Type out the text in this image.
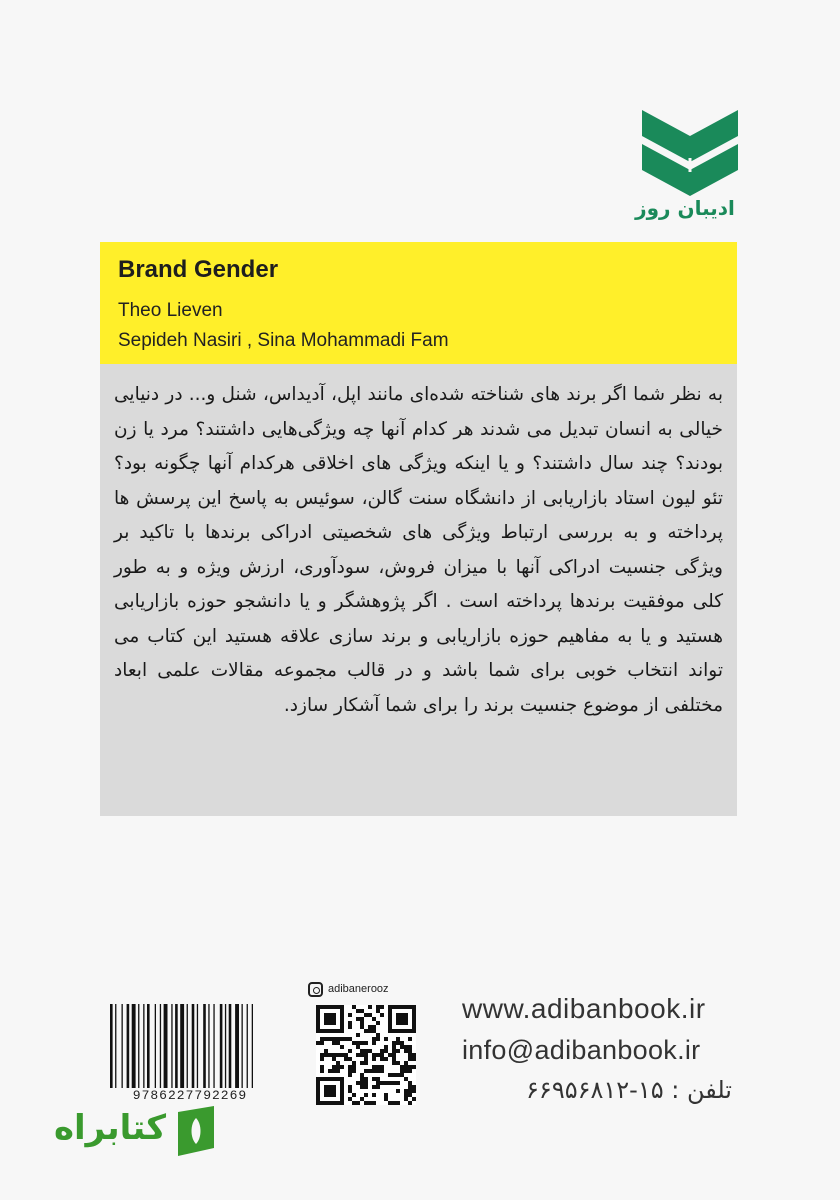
ادیبان روز
Brand Gender
Theo Lieven
Sepideh Nasiri , Sina Mohammadi Fam
به نظر شما اگر برند های شناخته شده‌ای مانند اپل، آدیداس، شنل و... در دنیایی خیالی به انسان تبدیل می شدند هر کدام آنها چه ویژگی‌هایی داشتند؟ مرد یا زن بودند؟ چند سال داشتند؟ و یا اینکه ویژگی های اخلاقی هرکدام آنها چگونه بود؟ تئو لیون استاد بازاریابی از دانشگاه سنت گالن، سوئیس به پاسخ این پرسش ها پرداخته و به بررسی ارتباط ویژگی های شخصیتی ادراکی برندها با تاکید بر ویژگی جنسیت ادراکی آنها با میزان فروش، سودآوری، ارزش ویژه و به طور کلی موفقیت برندها پرداخته است . اگر پژوهشگر و یا دانشجو حوزه بازاریابی هستید و یا به مفاهیم حوزه بازاریابی و برند سازی علاقه هستید این کتاب می تواند انتخاب خوبی برای شما باشد و در قالب مجموعه مقالات علمی ابعاد مختلفی از موضوع جنسیت برند را برای شما آشکار سازد.
9786227792269
adibanerooz
www.adibanbook.ir
info@adibanbook.ir
تلفن : ۱۵-۶۶۹۵۶۸۱۲
کتابراه
